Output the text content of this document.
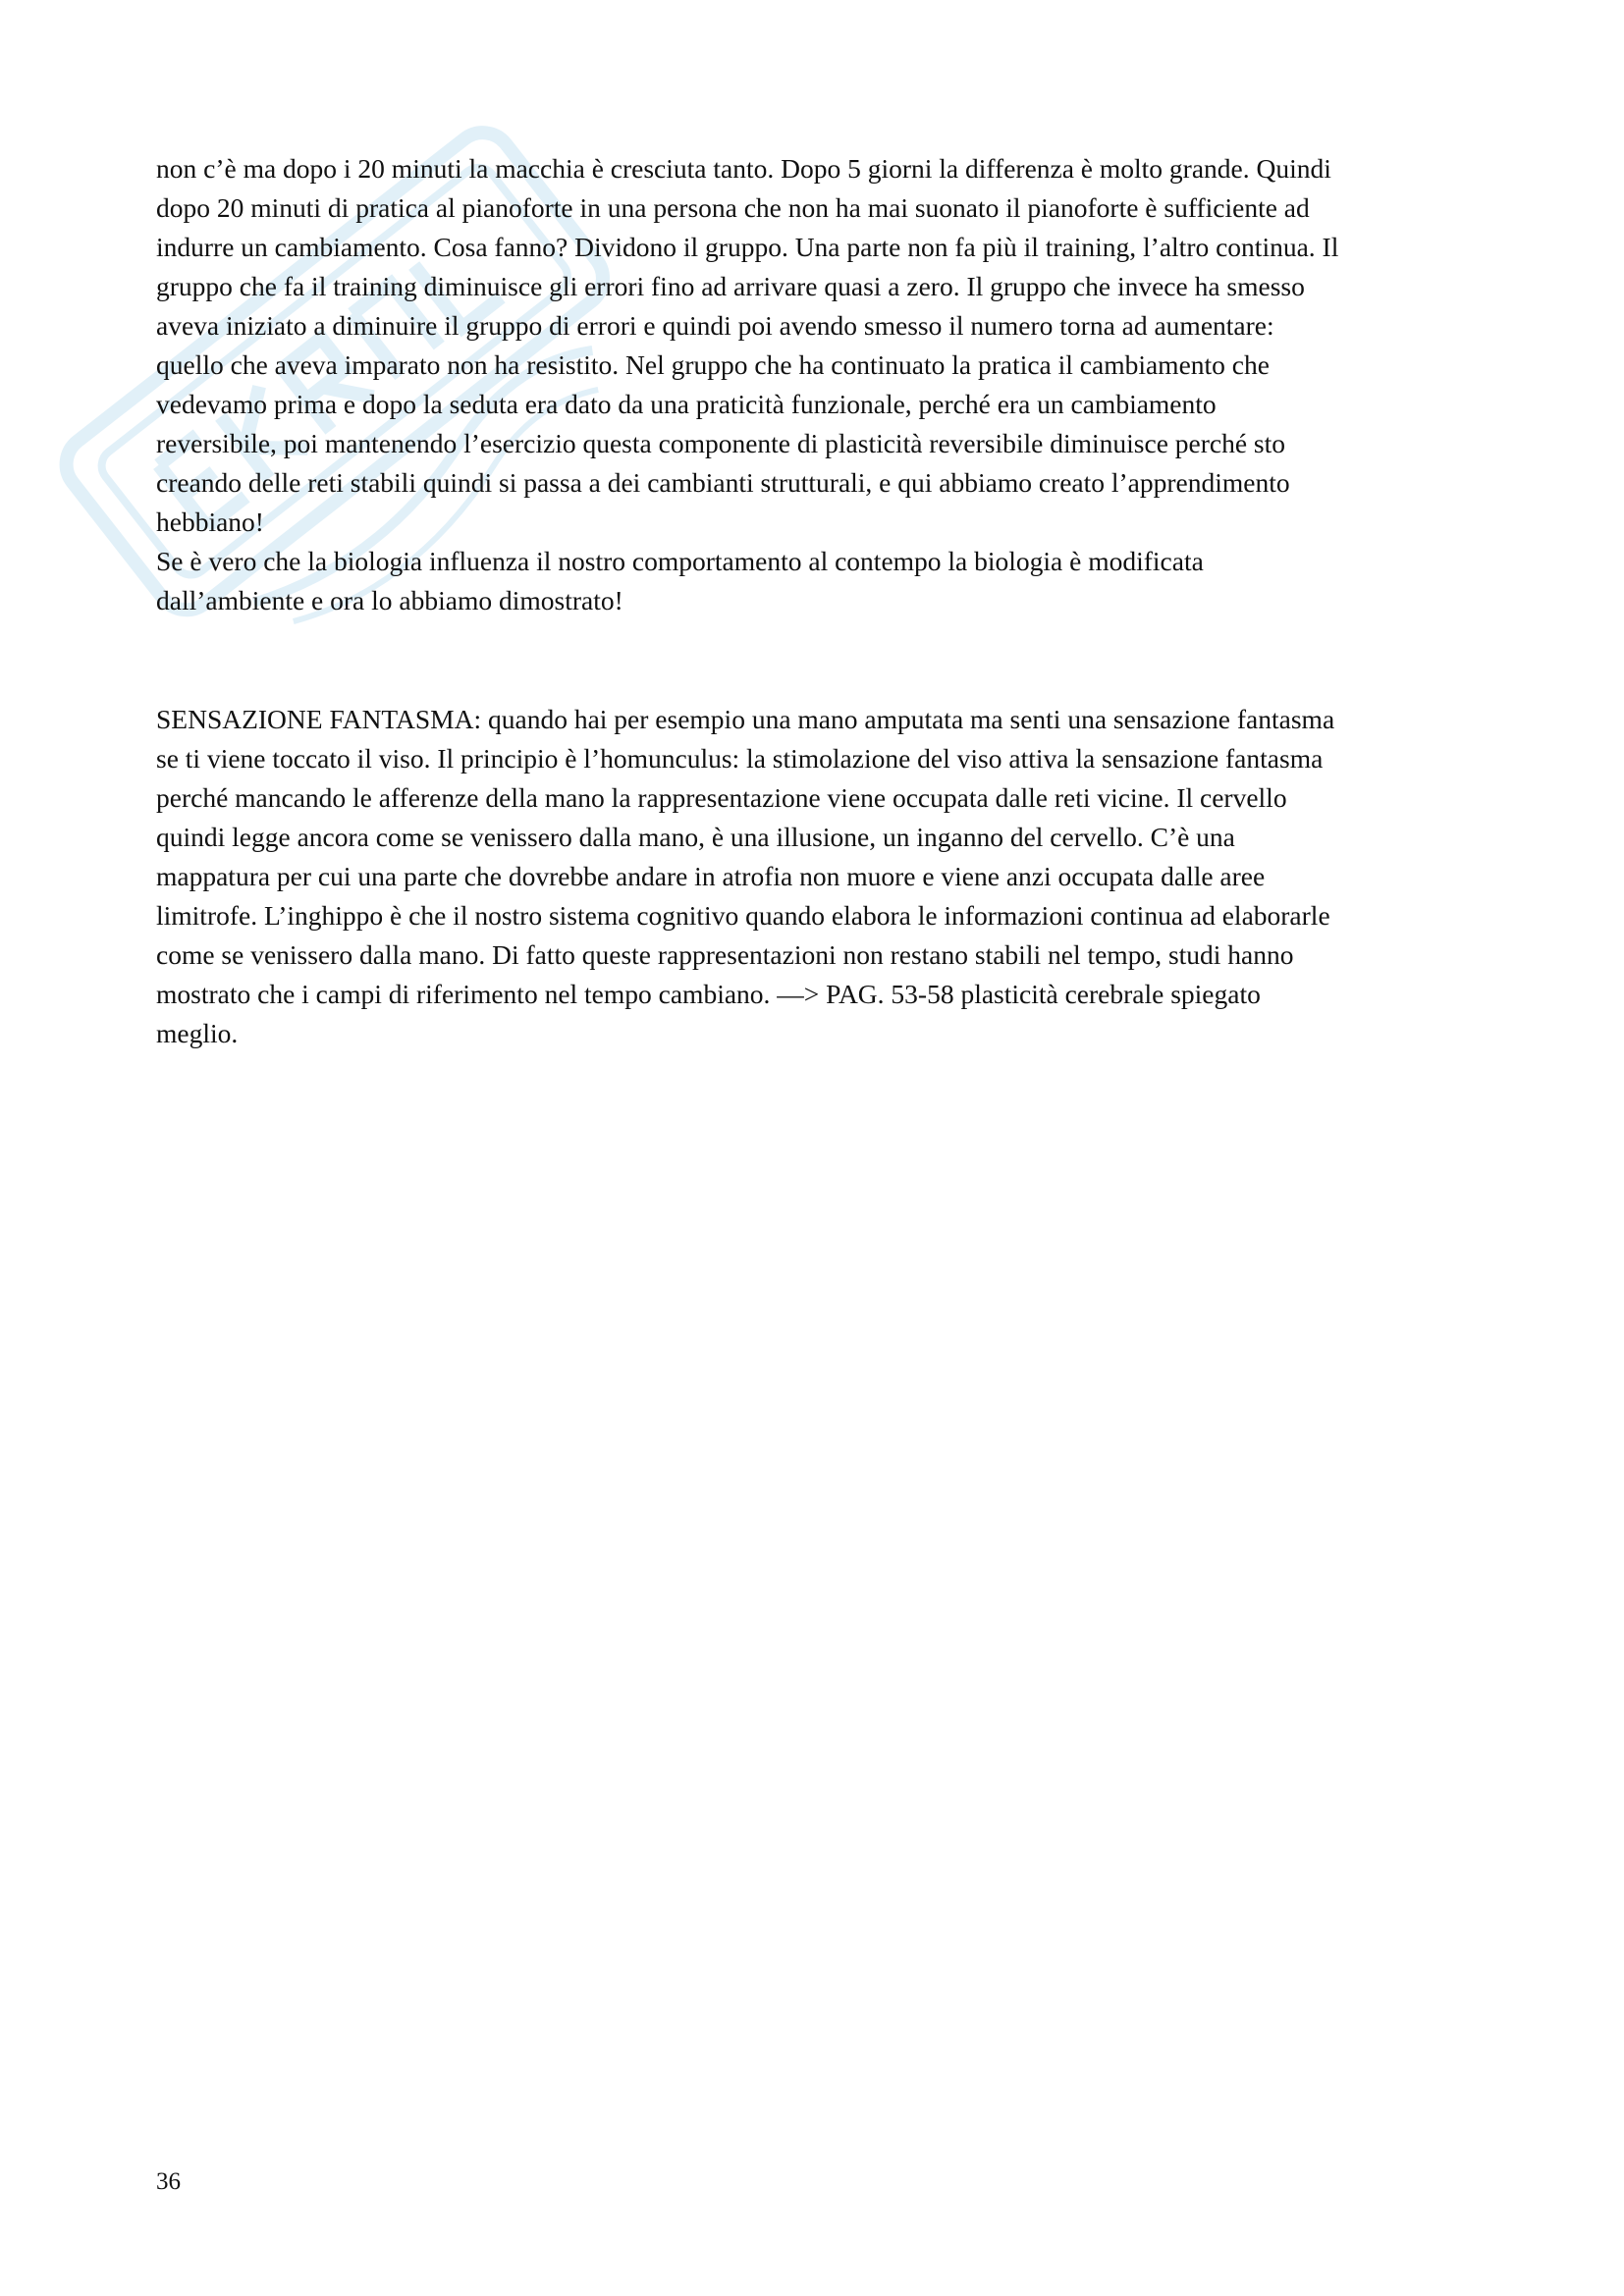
non c’è ma dopo i 20 minuti la macchia è cresciuta tanto. Dopo 5 giorni la differenza è molto grande. Quindi
dopo 20 minuti di pratica al pianoforte in una persona che non ha mai suonato il pianoforte è sufficiente ad
indurre un cambiamento. Cosa fanno? Dividono il gruppo. Una parte non fa più il training, l’altro continua. Il
gruppo che fa il training diminuisce gli errori fino ad arrivare quasi a zero. Il gruppo che invece ha smesso
aveva iniziato a diminuire il gruppo di errori e quindi poi avendo smesso il numero torna ad aumentare:
quello che aveva imparato non ha resistito. Nel gruppo che ha continuato la pratica il cambiamento che
vedevamo prima e dopo la seduta era dato da una praticità funzionale, perché era un cambiamento
reversibile, poi mantenendo l’esercizio questa componente di plasticità reversibile diminuisce perché sto
creando delle reti stabili quindi si passa a dei cambianti strutturali, e qui abbiamo creato l’apprendimento
hebbiano!
Se è vero che la biologia influenza il nostro comportamento al contempo la biologia è modificata
dall’ambiente e ora lo abbiamo dimostrato!

SENSAZIONE FANTASMA: quando hai per esempio una mano amputata ma senti una sensazione fantasma
se ti viene toccato il viso. Il principio è l’homunculus: la stimolazione del viso attiva la sensazione fantasma
perché mancando le afferenze della mano la rappresentazione viene occupata dalle reti vicine. Il cervello
quindi legge ancora come se venissero dalla mano, è una illusione, un inganno del cervello. C’è una
mappatura per cui una parte che dovrebbe andare in atrofia non muore e viene anzi occupata dalle aree
limitrofe. L’inghippo è che il nostro sistema cognitivo quando elabora le informazioni continua ad elaborarle
come se venissero dalla mano. Di fatto queste rappresentazioni non restano stabili nel tempo, studi hanno
mostrato che i campi di riferimento nel tempo cambiano. —> PAG. 53-58 plasticità cerebrale spiegato
meglio.

36
